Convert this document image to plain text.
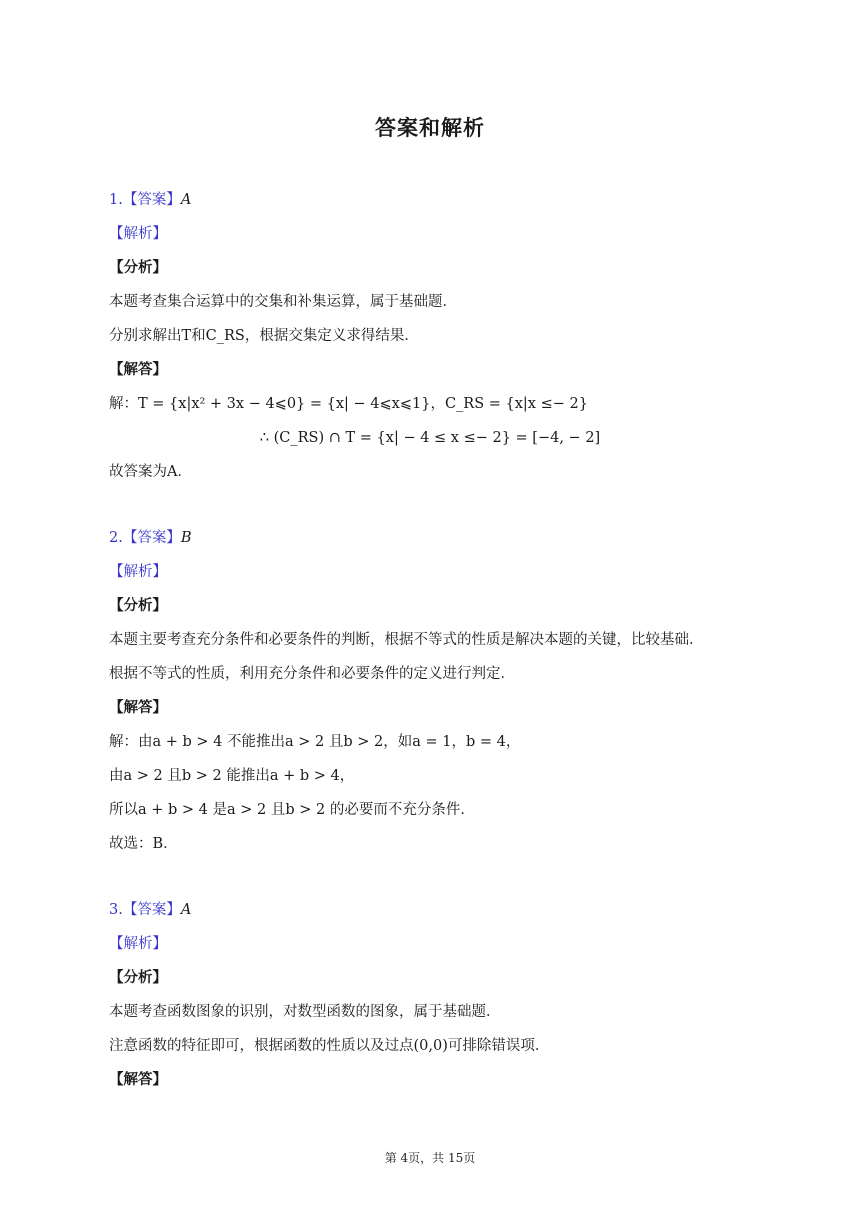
答案和解析
1.【答案】A
【解析】
【分析】
本题考查集合运算中的交集和补集运算，属于基础题．
分别求解出T和C_RS，根据交集定义求得结果．
【解答】
解：T = {x|x² + 3x − 4⩽0} = {x| − 4⩽x⩽1}，C_RS = {x|x ≤− 2}
∴ (C_RS) ∩ T = {x| − 4 ≤ x ≤− 2} = [−4, − 2]
故答案为A．
2.【答案】B
【解析】
【分析】
本题主要考查充分条件和必要条件的判断，根据不等式的性质是解决本题的关键，比较基础．
根据不等式的性质，利用充分条件和必要条件的定义进行判定．
【解答】
解：由a + b > 4 不能推出a > 2 且b > 2，如a = 1，b = 4，
由a > 2 且b > 2 能推出a + b > 4，
所以a + b > 4 是a > 2 且b > 2 的必要而不充分条件．
故选：B．
3.【答案】A
【解析】
【分析】
本题考查函数图象的识别，对数型函数的图象，属于基础题．
注意函数的特征即可，根据函数的性质以及过点(0,0)可排除错误项．
【解答】
第 4页，共 15页
